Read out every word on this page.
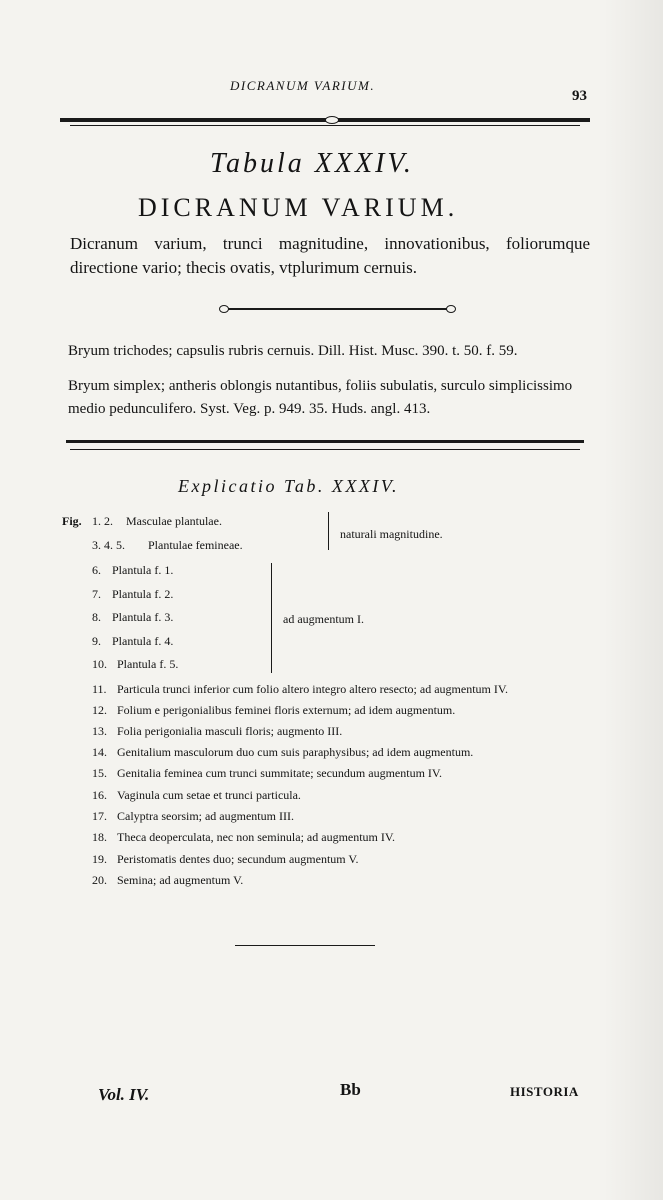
DICRANUM VARIUM.
93
Tabula XXXIV.
DICRANUM VARIUM.
Dicranum varium, trunci magnitudine, innovationibus, foliorumque directione vario; thecis ovatis, vtplurimum cernuis.
Bryum trichodes; capsulis rubris cernuis. Dill. Hist. Musc. 390. t. 50. f. 59.
Bryum simplex; antheris oblongis nutantibus, foliis subulatis, surculo simplicissimo medio pedunculifero. Syst. Veg. p. 949. 35. Huds. angl. 413.
Explicatio Tab. XXXIV.
Fig. 1. 2. Masculae plantulae.
3. 4. 5. Plantulae femineae.
naturali magnitudine.
6. Plantula f. 1.
7. Plantula f. 2.
8. Plantula f. 3.
9. Plantula f. 4.
10. Plantula f. 5.
ad augmentum I.
11. Particula trunci inferior cum folio altero integro altero resecto; ad augmentum IV.
12. Folium e perigonialibus feminei floris externum; ad idem augmentum.
13. Folia perigonialia masculi floris; augmento III.
14. Genitalium masculorum duo cum suis paraphysibus; ad idem augmentum.
15. Genitalia feminea cum trunci summitate; secundum augmentum IV.
16. Vaginula cum setae et trunci particula.
17. Calyptra seorsim; ad augmentum III.
18. Theca deoperculata, nec non seminula; ad augmentum IV.
19. Peristomatis dentes duo; secundum augmentum V.
20. Semina; ad augmentum V.
Vol. IV.	Bb	HISTORIA
